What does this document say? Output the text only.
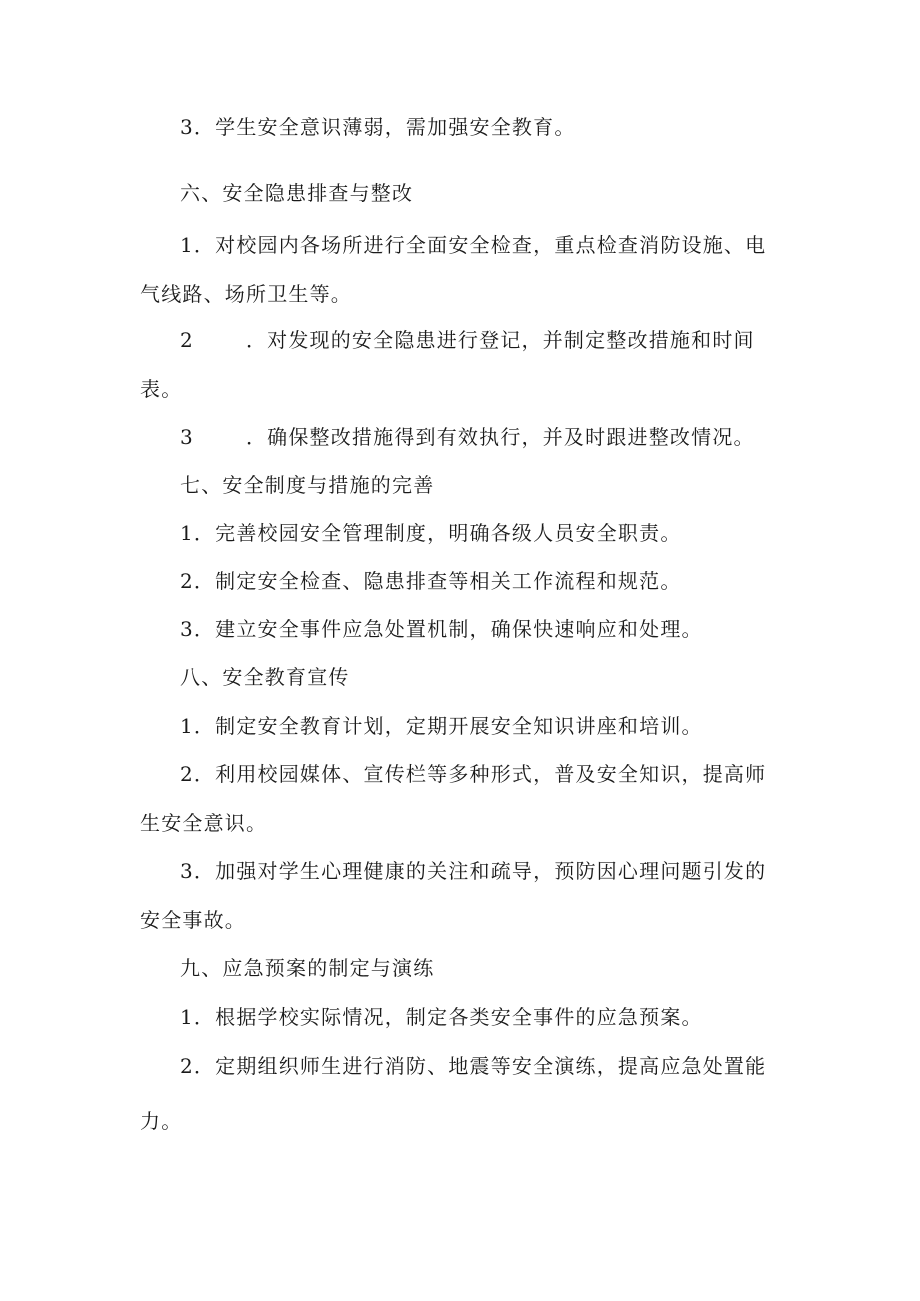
3．学生安全意识薄弱，需加强安全教育。

六、安全隐患排查与整改

1．对校园内各场所进行全面安全检查，重点检查消防设施、电

气线路、场所卫生等。

2	．对发现的安全隐患进行登记，并制定整改措施和时间

表。

3	．确保整改措施得到有效执行，并及时跟进整改情况。

七、安全制度与措施的完善

1．完善校园安全管理制度，明确各级人员安全职责。

2．制定安全检查、隐患排查等相关工作流程和规范。

3．建立安全事件应急处置机制，确保快速响应和处理。

八、安全教育宣传

1．制定安全教育计划，定期开展安全知识讲座和培训。

2．利用校园媒体、宣传栏等多种形式，普及安全知识，提高师

生安全意识。

3．加强对学生心理健康的关注和疏导，预防因心理问题引发的

安全事故。

九、应急预案的制定与演练

1．根据学校实际情况，制定各类安全事件的应急预案。

2．定期组织师生进行消防、地震等安全演练，提高应急处置能

力。
